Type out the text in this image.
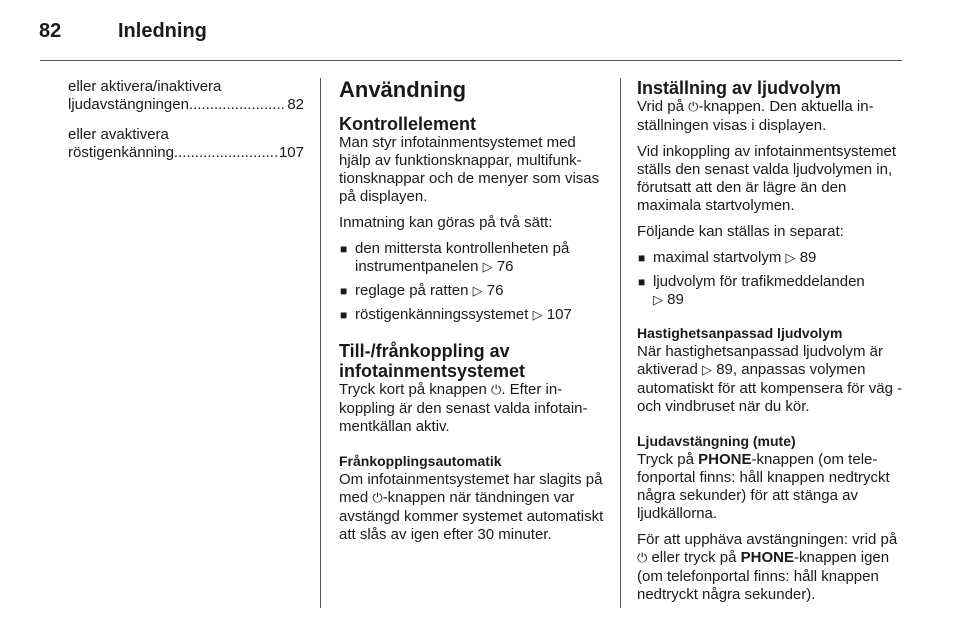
82	Inledning
eller aktivera/inaktivera
ljudavstängningen .....	82
eller avaktivera
röstigenkänning .....	107
Användning
Kontrollelement

Man styr infotainmentsystemet med hjälp av funktionsknappar, multifunktionsknappar och de menyer som visas på displayen.

Inmatning kan göras på två sätt:

■ den mittersta kontrollenheten på instrumentpanelen ▷ 76
■ reglage på ratten ▷ 76
■ röstigenkänningssystemet ▷ 107
Till-/frånkoppling av
infotainmentsystemet

Tryck kort på knappen ⏻. Efter inkoppling är den senast valda infotainmentkällan aktiv.

Frånkopplingsautomatik

Om infotainmentsystemet har slagits på med ⏻-knappen när tändningen var avstängd kommer systemet automatiskt att slås av igen efter 30 minuter.

Inställning av ljudvolym

Vrid på ⏻-knappen. Den aktuella inställningen visas i displayen.

Vid inkoppling av infotainmentsystemet ställs den senast valda ljudvolymen in, förutsatt att den är lägre än den maximala startvolymen.

Följande kan ställas in separat:

■ maximal startvolym ▷ 89
■ ljudvolym för trafikmeddelanden
▷ 89
Hastighetsanpassad ljudvolym

När hastighetsanpassad ljudvolym är aktiverad ▷ 89, anpassas volymen automatiskt för att kompensera för väg - och vindbruset när du kör.

Ljudavstängning (mute)

Tryck på PHONE-knappen (om telefonportal finns: håll knappen nedtryckt några sekunder) för att stänga av ljudkällorna.

För att upphäva avstängningen: vrid på ⏻ eller tryck på PHONE-knappen igen (om telefonportal finns: håll knappen nedtryckt några sekunder).
